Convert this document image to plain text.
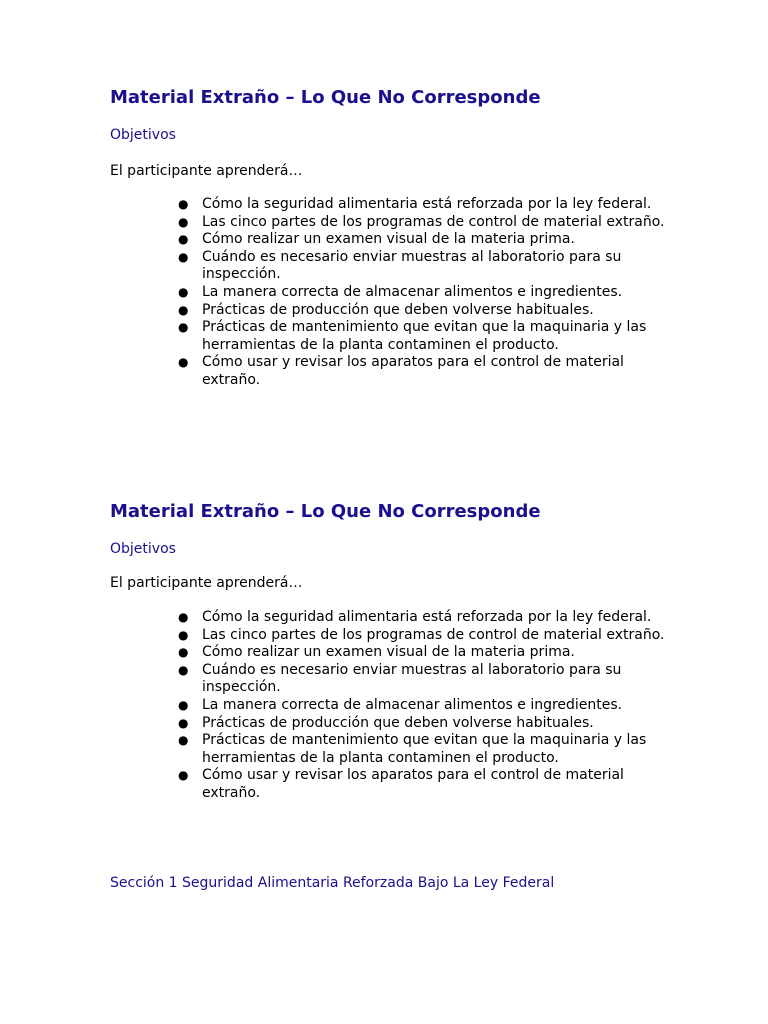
Material Extraño – Lo Que No Corresponde
Objetivos
El participante aprenderá…
● Cómo la seguridad alimentaria está reforzada por la ley federal.
● Las cinco partes de los programas de control de material extraño.
● Cómo realizar un examen visual de la materia prima.
● Cuándo es necesario enviar muestras al laboratorio para su inspección.
● La manera correcta de almacenar alimentos e ingredientes.
● Prácticas de producción que deben volverse habituales.
● Prácticas de mantenimiento que evitan que la maquinaria y las herramientas de la planta contaminen el producto.
● Cómo usar y revisar los aparatos para el control de material extraño.
Material Extraño – Lo Que No Corresponde
Objetivos
El participante aprenderá…
● Cómo la seguridad alimentaria está reforzada por la ley federal.
● Las cinco partes de los programas de control de material extraño.
● Cómo realizar un examen visual de la materia prima.
● Cuándo es necesario enviar muestras al laboratorio para su inspección.
● La manera correcta de almacenar alimentos e ingredientes.
● Prácticas de producción que deben volverse habituales.
● Prácticas de mantenimiento que evitan que la maquinaria y las herramientas de la planta contaminen el producto.
● Cómo usar y revisar los aparatos para el control de material extraño.
Sección 1 Seguridad Alimentaria Reforzada Bajo La Ley Federal
